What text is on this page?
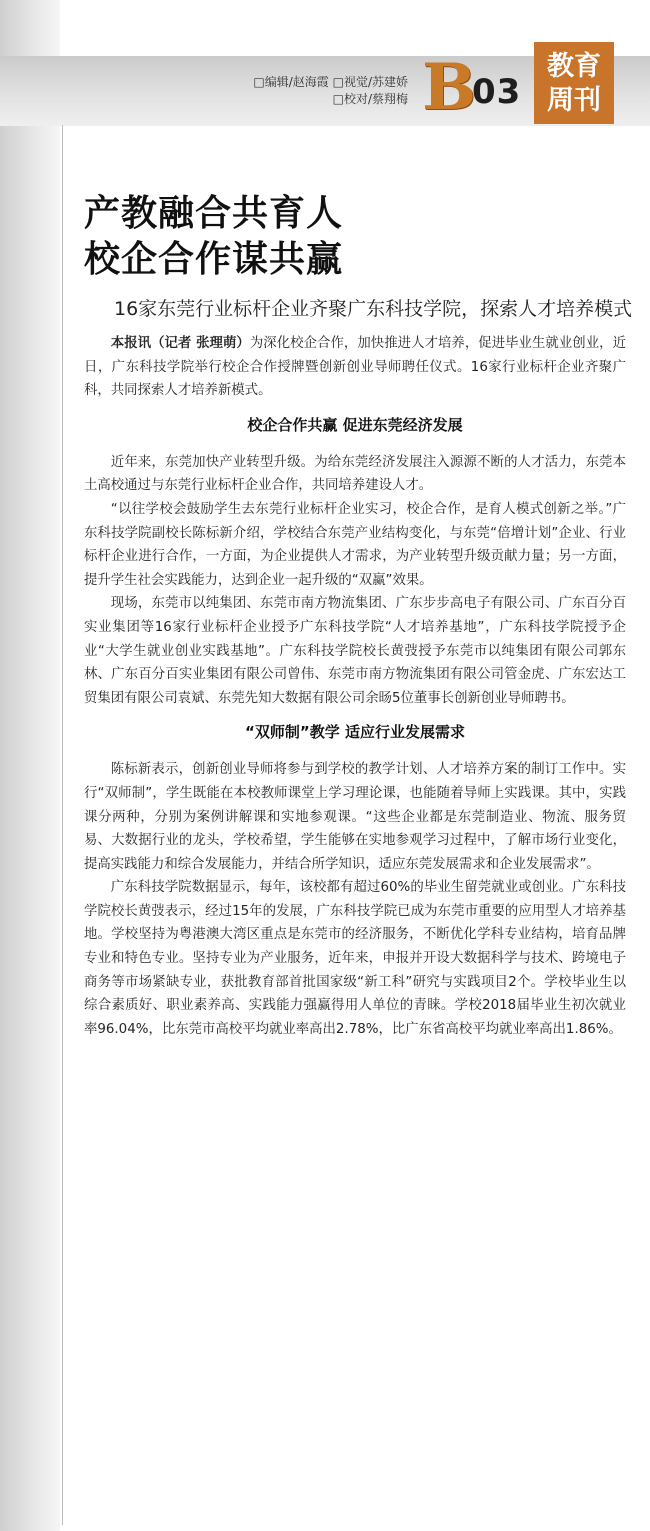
□编辑/赵海霞 □视觉/苏建娇
□校对/蔡翔梅 B
03
教育
周刊
产教融合共育人
校企合作谋共赢
16家东莞行业标杆企业齐聚广东科技学院，探索人才培养模式

本报讯（记者 张理萌）为深化校企合作，加快推进人才培养，促进毕业生就业创业，近日，广东科技学院举行校企合作授牌暨创新创业导师聘任仪式。16家行业标杆企业齐聚广科，共同探索人才培养新模式。

校企合作共赢 促进东莞经济发展

近年来，东莞加快产业转型升级。为给东莞经济发展注入源源不断的人才活力，东莞本土高校通过与东莞行业标杆企业合作，共同培养建设人才。

“以往学校会鼓励学生去东莞行业标杆企业实习，校企合作，是育人模式创新之举。”广东科技学院副校长陈标新介绍，学校结合东莞产业结构变化，与东莞“倍增计划”企业、行业标杆企业进行合作，一方面，为企业提供人才需求，为产业转型升级贡献力量；另一方面，提升学生社会实践能力，达到企业一起升级的“双赢”效果。

现场，东莞市以纯集团、东莞市南方物流集团、广东步步高电子有限公司、广东百分百实业集团等16家行业标杆企业授予广东科技学院“人才培养基地”，广东科技学院授予企业“大学生就业创业实践基地”。广东科技学院校长黄弢授予东莞市以纯集团有限公司郭东林、广东百分百实业集团有限公司曾伟、东莞市南方物流集团有限公司管金虎、广东宏达工贸集团有限公司袁斌、东莞先知大数据有限公司余旸5位董事长创新创业导师聘书。

“双师制”教学 适应行业发展需求

陈标新表示，创新创业导师将参与到学校的教学计划、人才培养方案的制订工作中。实行“双师制”，学生既能在本校教师课堂上学习理论课，也能随着导师上实践课。其中，实践课分两种，分别为案例讲解课和实地参观课。“这些企业都是东莞制造业、物流、服务贸易、大数据行业的龙头，学校希望，学生能够在实地参观学习过程中，了解市场行业变化，提高实践能力和综合发展能力，并结合所学知识，适应东莞发展需求和企业发展需求”。

广东科技学院数据显示，每年，该校都有超过60%的毕业生留莞就业或创业。广东科技学院校长黄弢表示，经过15年的发展，广东科技学院已成为东莞市重要的应用型人才培养基地。学校坚持为粤港澳大湾区重点是东莞市的经济服务，不断优化学科专业结构，培育品牌专业和特色专业。坚持专业为产业服务，近年来，申报并开设大数据科学与技术、跨境电子商务等市场紧缺专业，获批教育部首批国家级“新工科”研究与实践项目2个。学校毕业生以综合素质好、职业素养高、实践能力强赢得用人单位的青睐。学校2018届毕业生初次就业率96.04%，比东莞市高校平均就业率高出2.78%，比广东省高校平均就业率高出1.86%。
